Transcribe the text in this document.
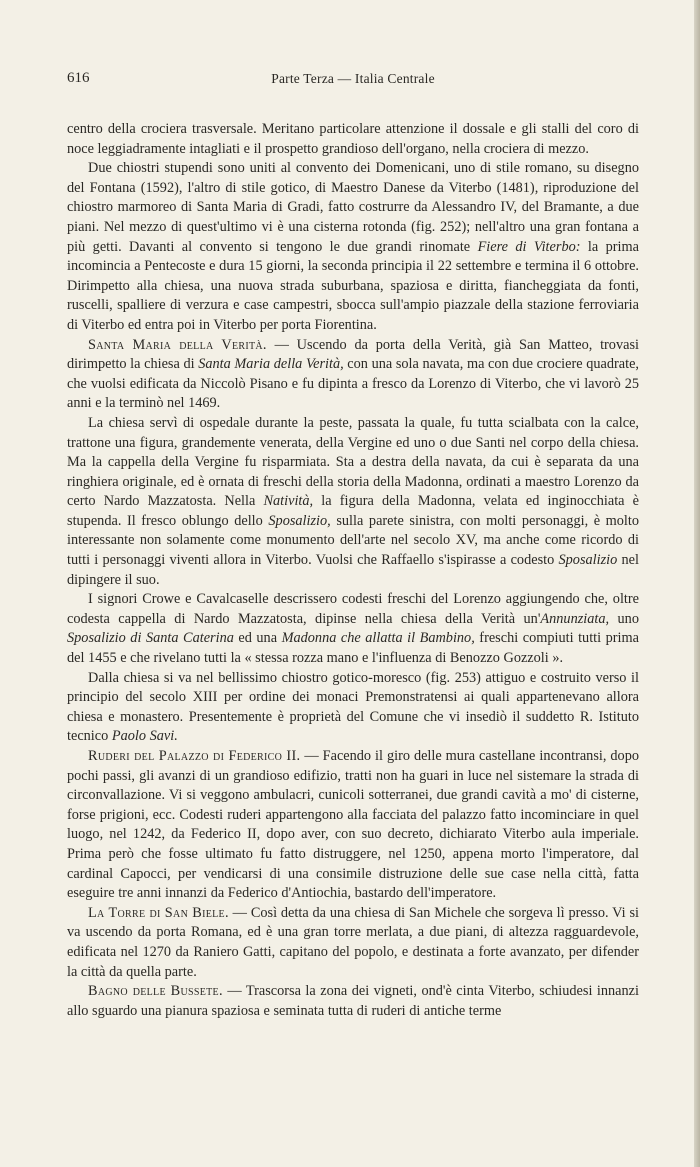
616	Parte Terza — Italia Centrale

centro della crociera trasversale. Meritano particolare attenzione il dossale e gli stalli del coro di noce leggiadramente intagliati e il prospetto grandioso dell'organo, nella crociera di mezzo.

Due chiostri stupendi sono uniti al convento dei Domenicani, uno di stile romano, su disegno del Fontana (1592), l'altro di stile gotico, di Maestro Danese da Viterbo (1481), riproduzione del chiostro marmoreo di Santa Maria di Gradi, fatto costrurre da Alessandro IV, del Bramante, a due piani. Nel mezzo di quest'ultimo vi è una cisterna rotonda (fig. 252); nell'altro una gran fontana a più getti. Davanti al convento si tengono le due grandi rinomate Fiere di Viterbo: la prima incomincia a Pentecoste e dura 15 giorni, la seconda principia il 22 settembre e termina il 6 ottobre. Dirimpetto alla chiesa, una nuova strada suburbana, spaziosa e diritta, fiancheggiata da fonti, ruscelli, spalliere di verzura e case campestri, sbocca sull'ampio piazzale della stazione ferroviaria di Viterbo ed entra poi in Viterbo per porta Fiorentina.

Santa Maria della Verità. — Uscendo da porta della Verità, già San Matteo, trovasi dirimpetto la chiesa di Santa Maria della Verità, con una sola navata, ma con due crociere quadrate, che vuolsi edificata da Niccolò Pisano e fu dipinta a fresco da Lorenzo di Viterbo, che vi lavorò 25 anni e la terminò nel 1469.

La chiesa servì di ospedale durante la peste, passata la quale, fu tutta scialbata con la calce, trattone una figura, grandemente venerata, della Vergine ed uno o due Santi nel corpo della chiesa. Ma la cappella della Vergine fu risparmiata. Sta a destra della navata, da cui è separata da una ringhiera originale, ed è ornata di freschi della storia della Madonna, ordinati a maestro Lorenzo da certo Nardo Mazzatosta. Nella Natività, la figura della Madonna, velata ed inginocchiata è stupenda. Il fresco oblungo dello Sposalizio, sulla parete sinistra, con molti personaggi, è molto interessante non solamente come monumento dell'arte nel secolo XV, ma anche come ricordo di tutti i personaggi viventi allora in Viterbo. Vuolsi che Raffaello s'ispirasse a codesto Sposalizio nel dipingere il suo.

I signori Crowe e Cavalcaselle descrissero codesti freschi del Lorenzo aggiungendo che, oltre codesta cappella di Nardo Mazzatosta, dipinse nella chiesa della Verità un'Annunziata, uno Sposalizio di Santa Caterina ed una Madonna che allatta il Bambino, freschi compiuti tutti prima del 1455 e che rivelano tutti la « stessa rozza mano e l'influenza di Benozzo Gozzoli ».

Dalla chiesa si va nel bellissimo chiostro gotico-moresco (fig. 253) attiguo e costruito verso il principio del secolo XIII per ordine dei monaci Premonstratensi ai quali appartenevano allora chiesa e monastero. Presentemente è proprietà del Comune che vi insediò il suddetto R. Istituto tecnico Paolo Savi.

Ruderi del Palazzo di Federico II. — Facendo il giro delle mura castellane incontransi, dopo pochi passi, gli avanzi di un grandioso edifizio, tratti non ha guari in luce nel sistemare la strada di circonvallazione. Vi si veggono ambulacri, cunicoli sotterranei, due grandi cavità a mo' di cisterne, forse prigioni, ecc. Codesti ruderi appartengono alla facciata del palazzo fatto incominciare in quel luogo, nel 1242, da Federico II, dopo aver, con suo decreto, dichiarato Viterbo aula imperiale. Prima però che fosse ultimato fu fatto distruggere, nel 1250, appena morto l'imperatore, dal cardinal Capocci, per vendicarsi di una consimile distruzione delle sue case nella città, fatta eseguire tre anni innanzi da Federico d'Antiochia, bastardo dell'imperatore.

La Torre di San Biele. — Così detta da una chiesa di San Michele che sorgeva lì presso. Vi si va uscendo da porta Romana, ed è una gran torre merlata, a due piani, di altezza ragguardevole, edificata nel 1270 da Raniero Gatti, capitano del popolo, e destinata a forte avanzato, per difender la città da quella parte.

Bagno delle Bussete. — Trascorsa la zona dei vigneti, ond'è cinta Viterbo, schiudesi innanzi allo sguardo una pianura spaziosa e seminata tutta di ruderi di antiche terme
